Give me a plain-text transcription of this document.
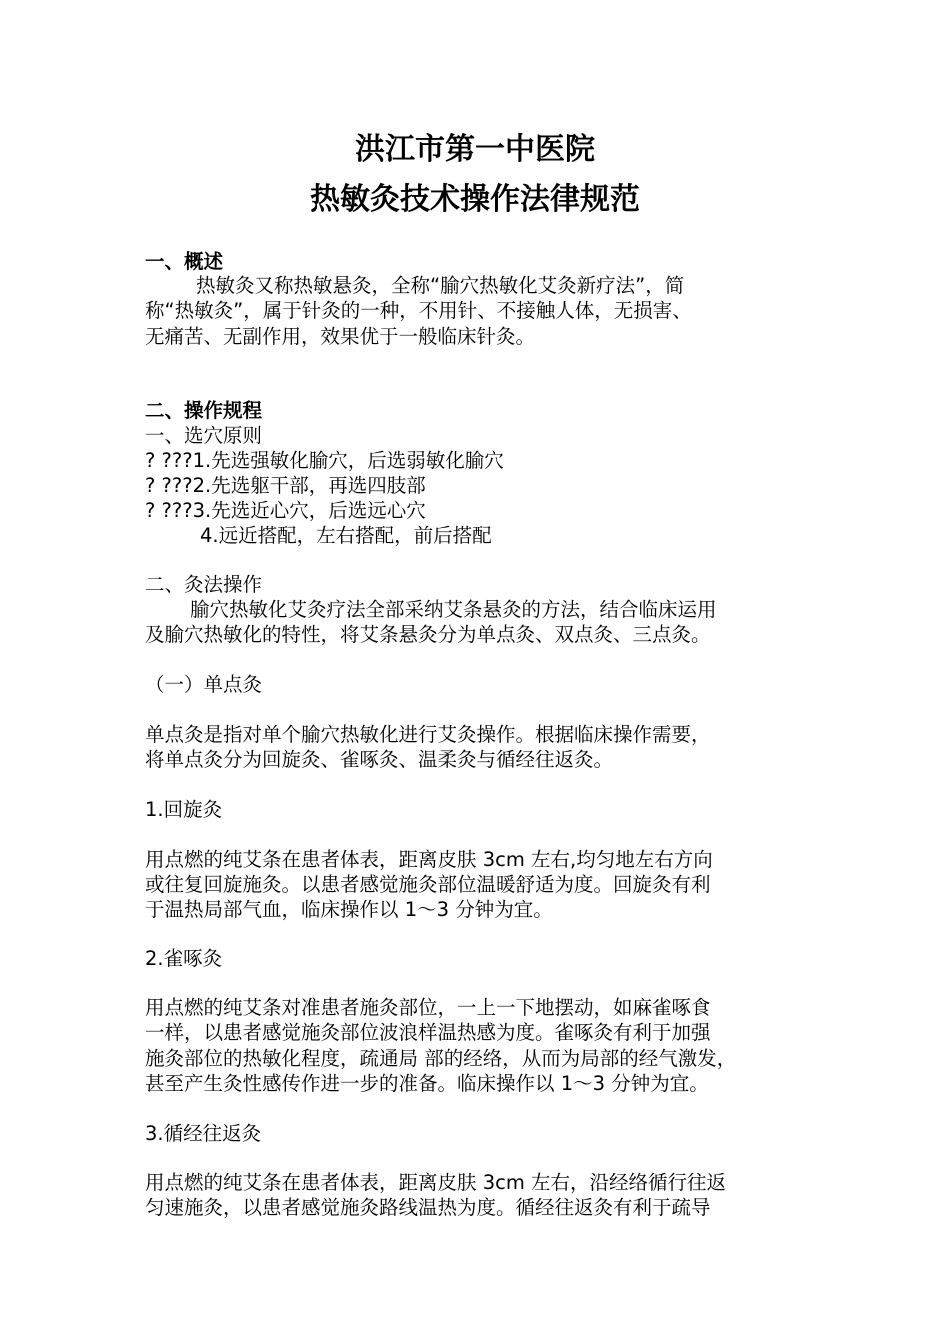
洪江市第一中医院
热敏灸技术操作法律规范
一、概述
热敏灸又称热敏悬灸，全称“腧穴热敏化艾灸新疗法”，简
称“热敏灸”，属于针灸的一种，不用针、不接触人体，无损害、
无痛苦、无副作用，效果优于一般临床针灸。
二、操作规程
一、选穴原则
? ???1.先选强敏化腧穴，后选弱敏化腧穴
? ???2.先选躯干部，再选四肢部
? ???3.先选近心穴，后选远心穴
4.远近搭配，左右搭配，前后搭配
二、灸法操作
腧穴热敏化艾灸疗法全部采纳艾条悬灸的方法，结合临床运用
及腧穴热敏化的特性，将艾条悬灸分为单点灸、双点灸、三点灸。
（一）单点灸
单点灸是指对单个腧穴热敏化进行艾灸操作。根据临床操作需要，
将单点灸分为回旋灸、雀啄灸、温柔灸与循经往返灸。
1.回旋灸
用点燃的纯艾条在患者体表，距离皮肤 3cm 左右,均匀地左右方向
或往复回旋施灸。以患者感觉施灸部位温暖舒适为度。回旋灸有利
于温热局部气血，临床操作以 1～3 分钟为宜。
2.雀啄灸
用点燃的纯艾条对准患者施灸部位，一上一下地摆动，如麻雀啄食
一样，以患者感觉施灸部位波浪样温热感为度。雀啄灸有利于加强
施灸部位的热敏化程度，疏通局 部的经络，从而为局部的经气激发，
甚至产生灸性感传作进一步的准备。临床操作以 1～3 分钟为宜。
3.循经往返灸
用点燃的纯艾条在患者体表，距离皮肤 3cm 左右，沿经络循行往返
匀速施灸，以患者感觉施灸路线温热为度。循经往返灸有利于疏导
